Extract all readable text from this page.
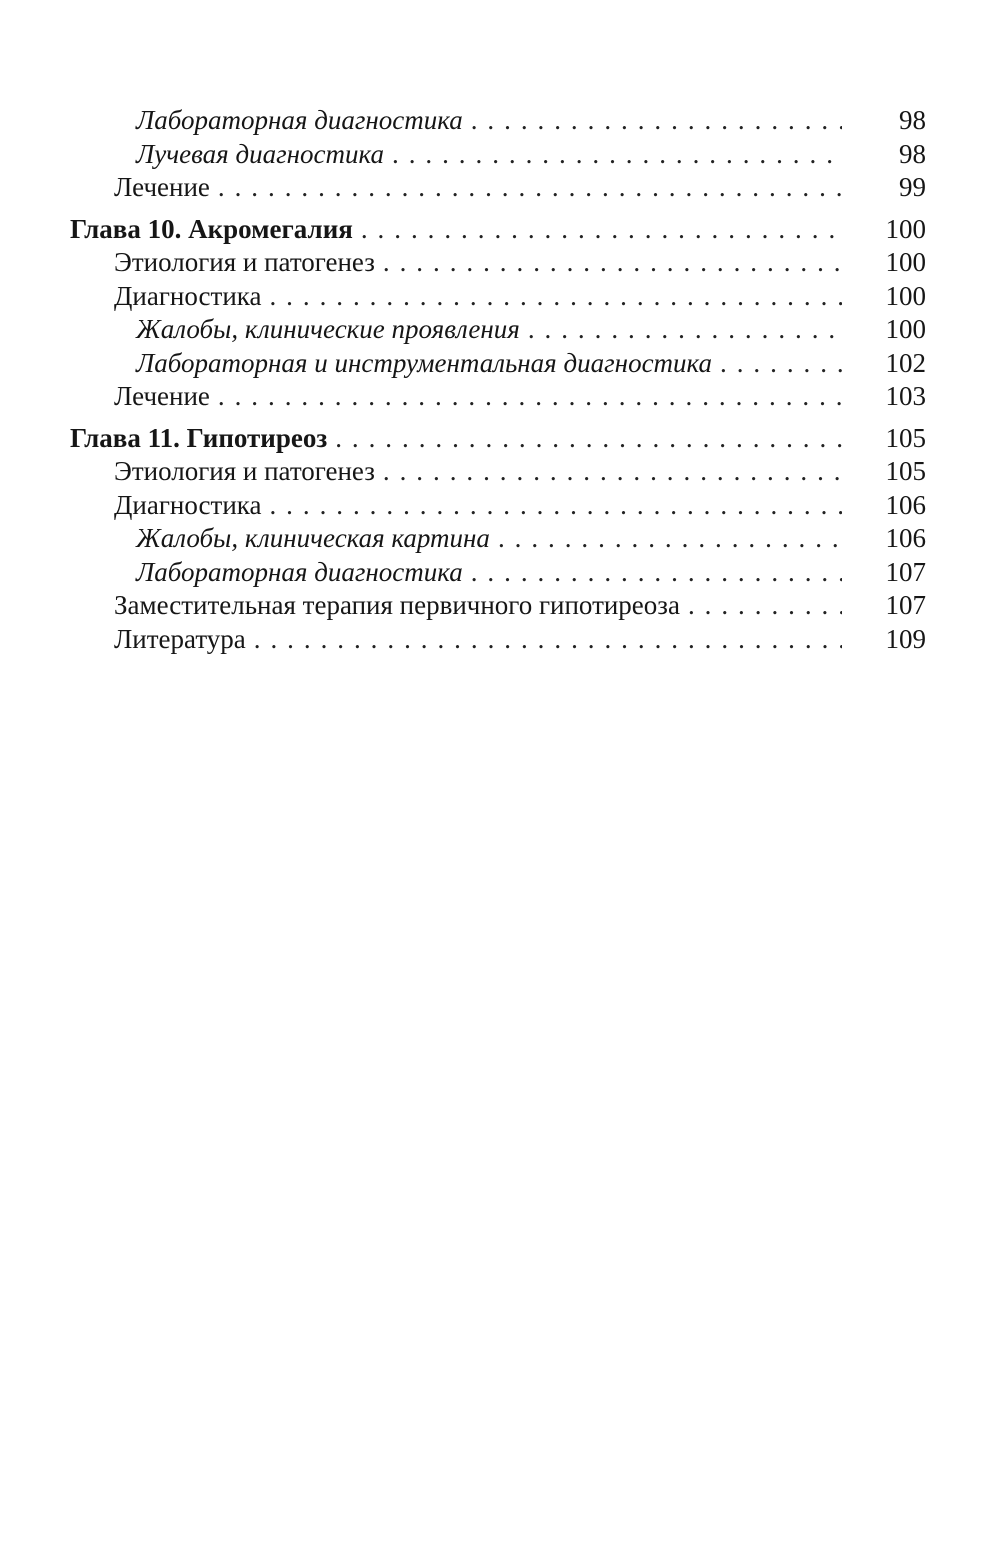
Лабораторная диагностика . . .	98
Лучевая диагностика . . .	98
Лечение . . .	99
Глава 10. Акромегалия . . .	100
Этиология и патогенез . . .	100
Диагностика . . .	100
Жалобы, клинические проявления . . .	100
Лабораторная и инструментальная диагностика . . .	102
Лечение . . .	103
Глава 11. Гипотиреоз . . .	105
Этиология и патогенез . . .	105
Диагностика . . .	106
Жалобы, клиническая картина . . .	106
Лабораторная диагностика . . .	107
Заместительная терапия первичного гипотиреоза . . .	107
Литература . . .	109
